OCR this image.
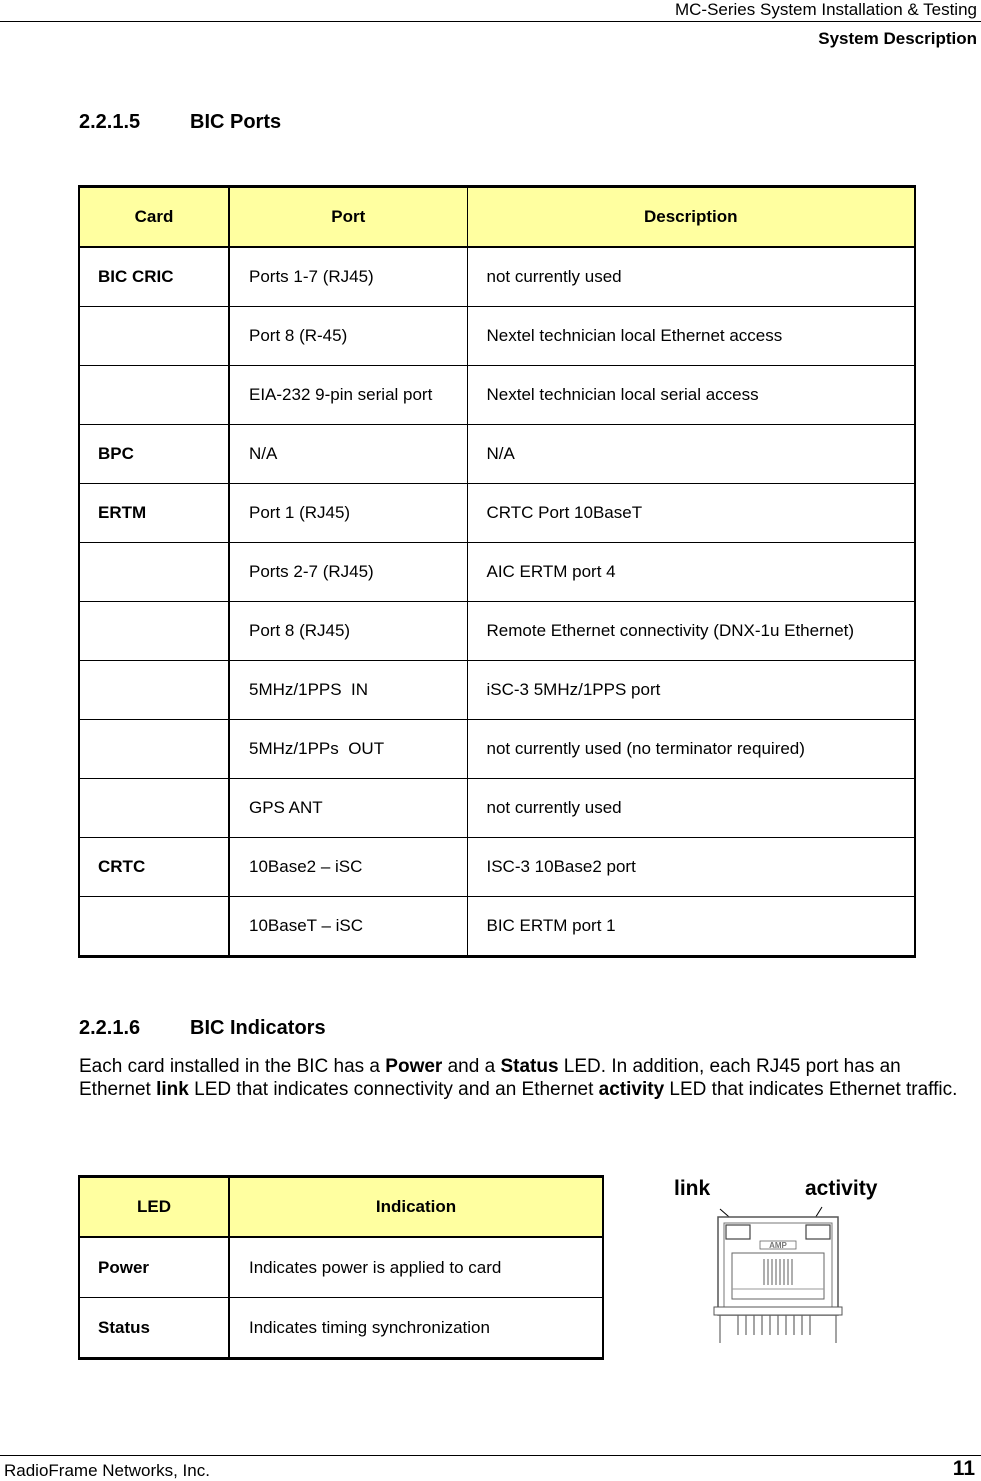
MC-Series System Installation & Testing
System Description
2.2.1.5 BIC Ports
Card	Port	Description
BIC CRIC	Ports 1-7 (RJ45)	not currently used
	Port 8 (R-45)	Nextel technician local Ethernet access
	EIA-232 9-pin serial port	Nextel technician local serial access
BPC	N/A	N/A
ERTM	Port 1 (RJ45)	CRTC Port 10BaseT
	Ports 2-7 (RJ45)	AIC ERTM port 4
	Port 8 (RJ45)	Remote Ethernet connectivity (DNX-1u Ethernet)
	5MHz/1PPS  IN	iSC-3 5MHz/1PPS port
	5MHz/1PPs  OUT	not currently used (no terminator required)
	GPS ANT	not currently used
CRTC	10Base2 – iSC	ISC-3 10Base2 port
	10BaseT – iSC	BIC ERTM port 1
2.2.1.6 BIC Indicators

Each card installed in the BIC has a Power and a Status LED. In addition, each RJ45 port has an Ethernet link LED that indicates connectivity and an Ethernet activity LED that indicates Ethernet traffic.

LED	Indication
Power	Indicates power is applied to card
Status	Indicates timing synchronization
link	activity
AMP
RadioFrame Networks, Inc.	11
